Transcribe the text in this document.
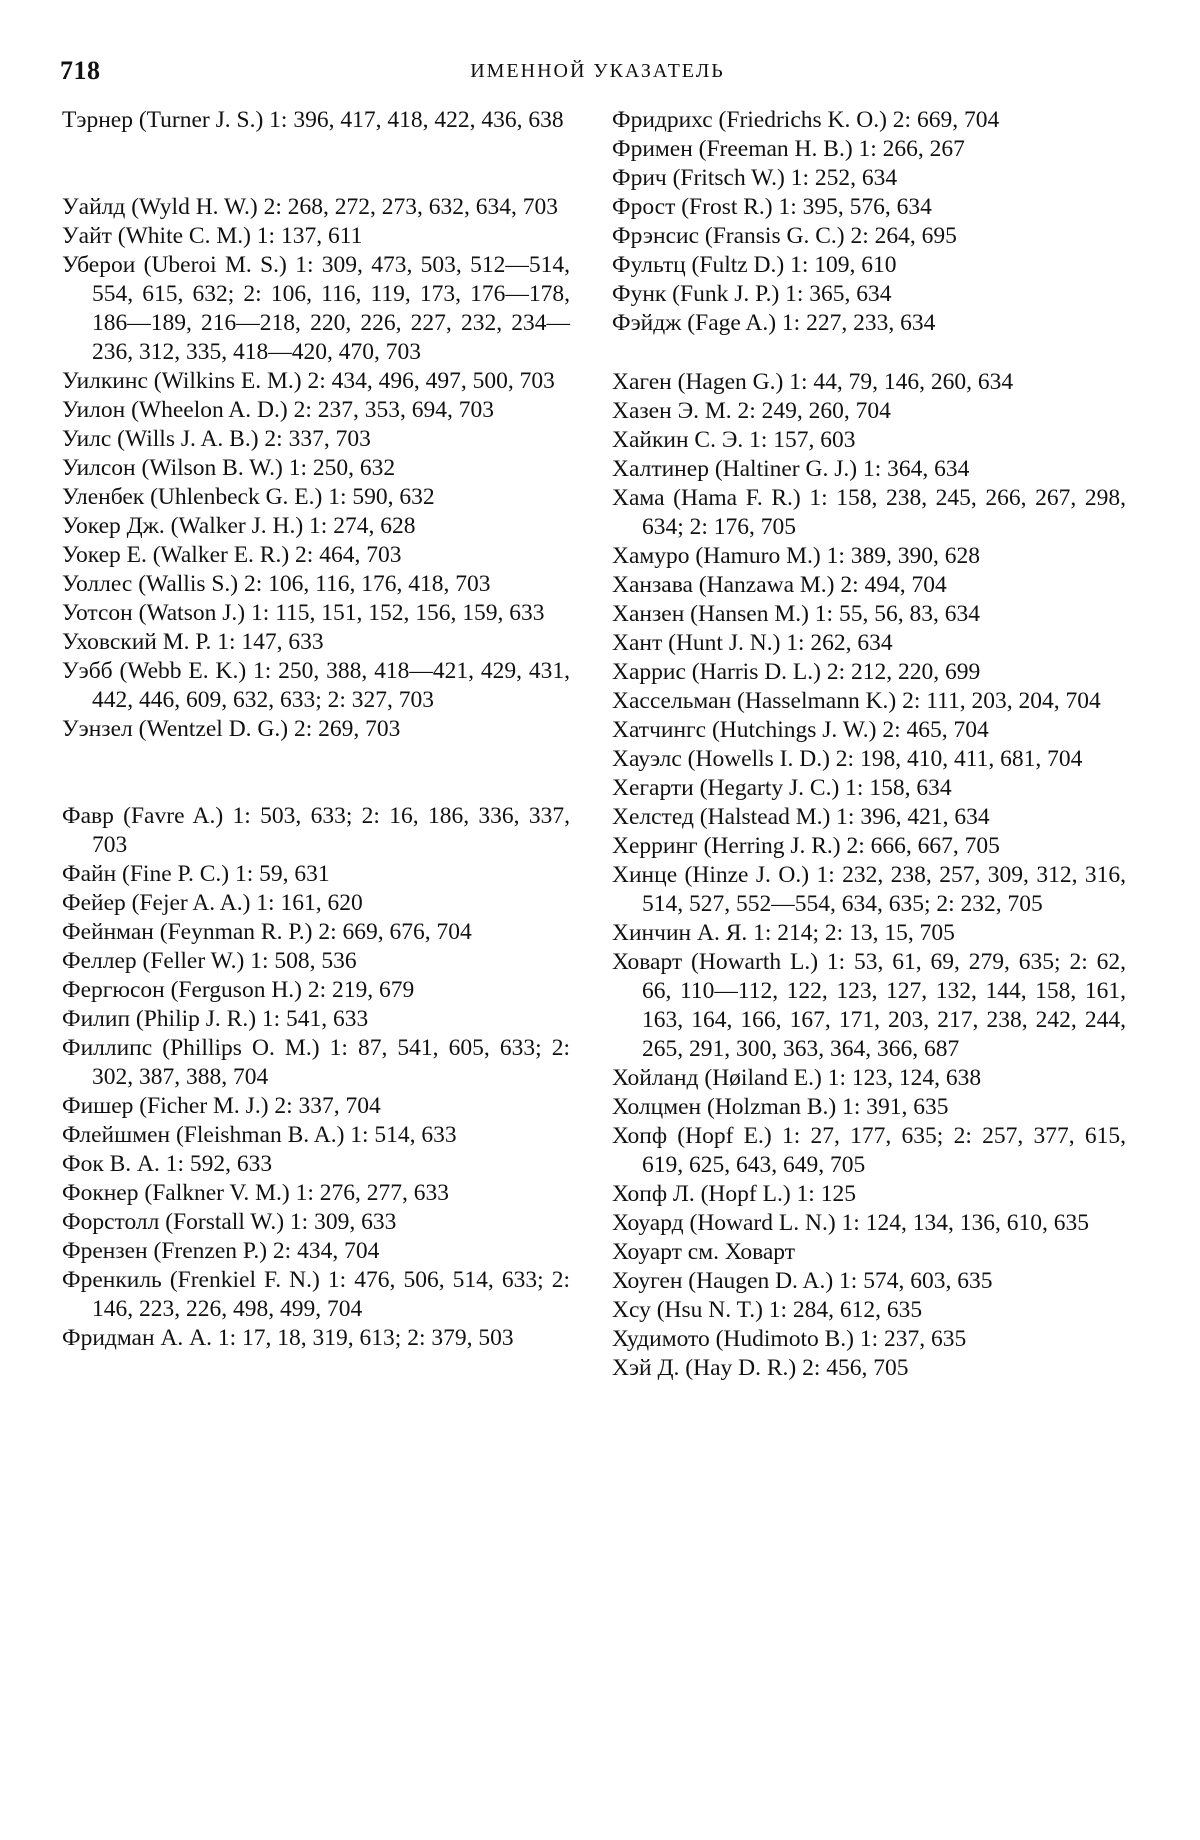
718	ИМЕННОЙ УКАЗАТЕЛЬ
Тэрнер (Turner J. S.) 1: 396, 417, 418, 422, 436, 638
Уайлд (Wyld H. W.) 2: 268, 272, 273, 632, 634, 703
Уайт (White C. M.) 1: 137, 611
Уберои (Uberoi M. S.) 1: 309, 473, 503, 512—514, 554, 615, 632; 2: 106, 116, 119, 173, 176—178, 186—189, 216—218, 220, 226, 227, 232, 234—236, 312, 335, 418—420, 470, 703
Уилкинс (Wilkins E. M.) 2: 434, 496, 497, 500, 703
Уилон (Wheelon A. D.) 2: 237, 353, 694, 703
Уилс (Wills J. A. B.) 2: 337, 703
Уилсон (Wilson B. W.) 1: 250, 632
Уленбек (Uhlenbeck G. E.) 1: 590, 632
Уокер Дж. (Walker J. H.) 1: 274, 628
Уокер Е. (Walker E. R.) 2: 464, 703
Уоллес (Wallis S.) 2: 106, 116, 176, 418, 703
Уотсон (Watson J.) 1: 115, 151, 152, 156, 159, 633
Уховский М. Р. 1: 147, 633
Уэбб (Webb E. K.) 1: 250, 388, 418—421, 429, 431, 442, 446, 609, 632, 633; 2: 327, 703
Уэнзел (Wentzel D. G.) 2: 269, 703
Фавр (Favre A.) 1: 503, 633; 2: 16, 186, 336, 337, 703
Файн (Fine P. C.) 1: 59, 631
Фейер (Fejer A. A.) 1: 161, 620
Фейнман (Feynman R. P.) 2: 669, 676, 704
Феллер (Feller W.) 1: 508, 536
Фергюсон (Ferguson H.) 2: 219, 679
Филип (Philip J. R.) 1: 541, 633
Филлипс (Phillips O. M.) 1: 87, 541, 605, 633; 2: 302, 387, 388, 704
Фишер (Ficher M. J.) 2: 337, 704
Флейшмен (Fleishman B. A.) 1: 514, 633
Фок В. А. 1: 592, 633
Фокнер (Falkner V. M.) 1: 276, 277, 633
Форстолл (Forstall W.) 1: 309, 633
Френзен (Frenzen P.) 2: 434, 704
Френкиль (Frenkiel F. N.) 1: 476, 506, 514, 633; 2: 146, 223, 226, 498, 499, 704
Фридман А. А. 1: 17, 18, 319, 613; 2: 379, 503
Фридрихс (Friedrichs K. O.) 2: 669, 704
Фримен (Freeman H. B.) 1: 266, 267
Фрич (Fritsch W.) 1: 252, 634
Фрост (Frost R.) 1: 395, 576, 634
Фрэнсис (Fransis G. C.) 2: 264, 695
Фультц (Fultz D.) 1: 109, 610
Функ (Funk J. P.) 1: 365, 634
Фэйдж (Fage A.) 1: 227, 233, 634
Хаген (Hagen G.) 1: 44, 79, 146, 260, 634
Хазен Э. М. 2: 249, 260, 704
Хайкин С. Э. 1: 157, 603
Халтинер (Haltiner G. J.) 1: 364, 634
Хама (Hama F. R.) 1: 158, 238, 245, 266, 267, 298, 634; 2: 176, 705
Хамуро (Hamuro M.) 1: 389, 390, 628
Ханзава (Hanzawa M.) 2: 494, 704
Ханзен (Hansen M.) 1: 55, 56, 83, 634
Хант (Hunt J. N.) 1: 262, 634
Харрис (Harris D. L.) 2: 212, 220, 699
Хассельман (Hasselmann K.) 2: 111, 203, 204, 704
Хатчингс (Hutchings J. W.) 2: 465, 704
Хауэлс (Howells I. D.) 2: 198, 410, 411, 681, 704
Хегарти (Hegarty J. C.) 1: 158, 634
Хелстед (Halstead M.) 1: 396, 421, 634
Херринг (Herring J. R.) 2: 666, 667, 705
Хинце (Hinze J. O.) 1: 232, 238, 257, 309, 312, 316, 514, 527, 552—554, 634, 635; 2: 232, 705
Хинчин А. Я. 1: 214; 2: 13, 15, 705
Ховарт (Howarth L.) 1: 53, 61, 69, 279, 635; 2: 62, 66, 110—112, 122, 123, 127, 132, 144, 158, 161, 163, 164, 166, 167, 171, 203, 217, 238, 242, 244, 265, 291, 300, 363, 364, 366, 687
Хойланд (Høiland E.) 1: 123, 124, 638
Холцмен (Holzman B.) 1: 391, 635
Хопф (Hopf E.) 1: 27, 177, 635; 2: 257, 377, 615, 619, 625, 643, 649, 705
Хопф Л. (Hopf L.) 1: 125
Хоуард (Howard L. N.) 1: 124, 134, 136, 610, 635
Хоуарт см. Ховарт
Хоуген (Haugen D. A.) 1: 574, 603, 635
Хсу (Hsu N. T.) 1: 284, 612, 635
Худимото (Hudimoto B.) 1: 237, 635
Хэй Д. (Hay D. R.) 2: 456, 705
